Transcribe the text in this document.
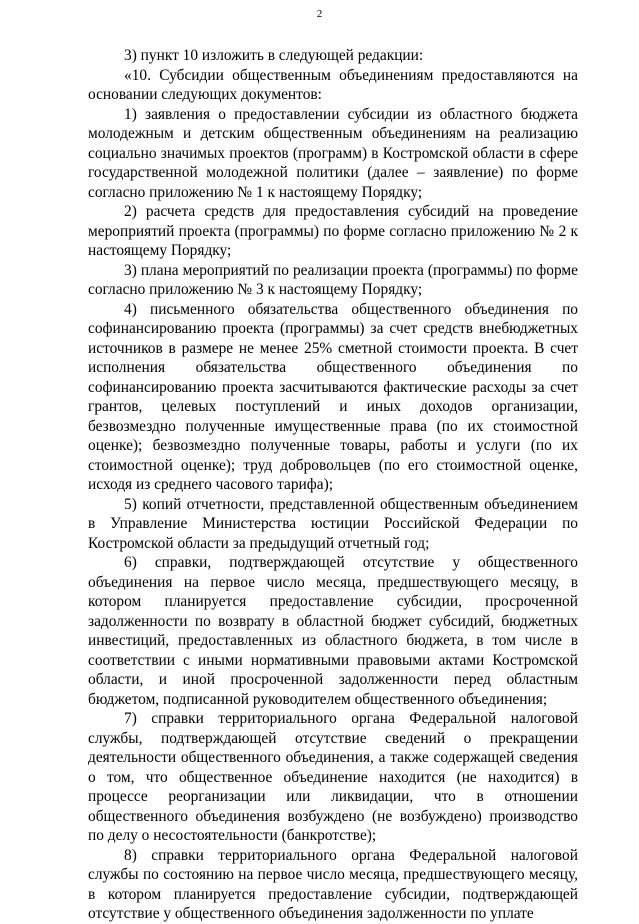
2

3) пункт 10 изложить в следующей редакции:

«10. Субсидии общественным объединениям предоставляются на основании следующих документов:

1) заявления о предоставлении субсидии из областного бюджета молодежным и детским общественным объединениям на реализацию социально значимых проектов (программ) в Костромской области в сфере государственной молодежной политики (далее – заявление) по форме согласно приложению № 1 к настоящему Порядку;

2) расчета средств для предоставления субсидий на проведение мероприятий проекта (программы) по форме согласно приложению № 2 к настоящему Порядку;

3) плана мероприятий по реализации проекта (программы) по форме согласно приложению № 3 к настоящему Порядку;

4) письменного обязательства общественного объединения по софинансированию проекта (программы) за счет средств внебюджетных источников в размере не менее 25% сметной стоимости проекта. В счет исполнения обязательства общественного объединения по софинансированию проекта засчитываются фактические расходы за счет грантов, целевых поступлений и иных доходов организации, безвозмездно полученные имущественные права (по их стоимостной оценке); безвозмездно полученные товары, работы и услуги (по их стоимостной оценке); труд добровольцев (по его стоимостной оценке, исходя из среднего часового тарифа);

5) копий отчетности, представленной общественным объединением в Управление Министерства юстиции Российской Федерации по Костромской области за предыдущий отчетный год;

6) справки, подтверждающей отсутствие у общественного объединения на первое число месяца, предшествующего месяцу, в котором планируется предоставление субсидии, просроченной задолженности по возврату в областной бюджет субсидий, бюджетных инвестиций, предоставленных из областного бюджета, в том числе в соответствии с иными нормативными правовыми актами Костромской области, и иной просроченной задолженности перед областным бюджетом, подписанной руководителем общественного объединения;

7) справки территориального органа Федеральной налоговой службы, подтверждающей отсутствие сведений о прекращении деятельности общественного объединения, а также содержащей сведения о том, что общественное объединение находится (не находится) в процессе реорганизации или ликвидации, что в отношении общественного объединения возбуждено (не возбуждено) производство по делу о несостоятельности (банкротстве);

8) справки территориального органа Федеральной налоговой службы по состоянию на первое число месяца, предшествующего месяцу, в котором планируется предоставление субсидии, подтверждающей отсутствие у общественного объединения задолженности по уплате
